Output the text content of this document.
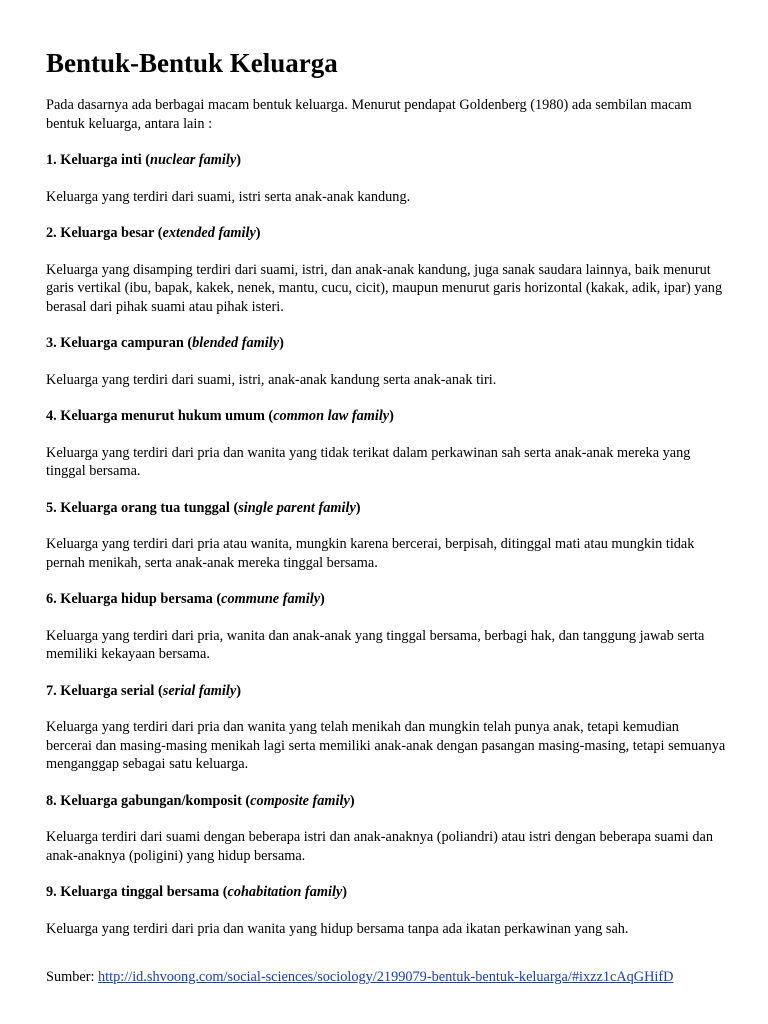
Bentuk-Bentuk Keluarga

Pada dasarnya ada berbagai macam bentuk keluarga. Menurut pendapat Goldenberg (1980) ada sembilan macam bentuk keluarga, antara lain :

1. Keluarga inti (nuclear family)

Keluarga yang terdiri dari suami, istri serta anak-anak kandung.

2. Keluarga besar (extended family)

Keluarga yang disamping terdiri dari suami, istri, dan anak-anak kandung, juga sanak saudara lainnya, baik menurut garis vertikal (ibu, bapak, kakek, nenek, mantu, cucu, cicit), maupun menurut garis horizontal (kakak, adik, ipar) yang berasal dari pihak suami atau pihak isteri.

3. Keluarga campuran (blended family)

Keluarga yang terdiri dari suami, istri, anak-anak kandung serta anak-anak tiri.

4. Keluarga menurut hukum umum (common law family)

Keluarga yang terdiri dari pria dan wanita yang tidak terikat dalam perkawinan sah serta anak-anak mereka yang tinggal bersama.

5. Keluarga orang tua tunggal (single parent family)

Keluarga yang terdiri dari pria atau wanita, mungkin karena bercerai, berpisah, ditinggal mati atau mungkin tidak pernah menikah, serta anak-anak mereka tinggal bersama.

6. Keluarga hidup bersama (commune family)

Keluarga yang terdiri dari pria, wanita dan anak-anak yang tinggal bersama, berbagi hak, dan tanggung jawab serta memiliki kekayaan bersama.

7. Keluarga serial (serial family)

Keluarga yang terdiri dari pria dan wanita yang telah menikah dan mungkin telah punya anak, tetapi kemudian bercerai dan masing-masing menikah lagi serta memiliki anak-anak dengan pasangan masing-masing, tetapi semuanya menganggap sebagai satu keluarga.

8. Keluarga gabungan/komposit (composite family)

Keluarga terdiri dari suami dengan beberapa istri dan anak-anaknya (poliandri) atau istri dengan beberapa suami dan anak-anaknya (poligini) yang hidup bersama.

9. Keluarga tinggal bersama (cohabitation family)

Keluarga yang terdiri dari pria dan wanita yang hidup bersama tanpa ada ikatan perkawinan yang sah.

Sumber: http://id.shvoong.com/social-sciences/sociology/2199079-bentuk-bentuk-keluarga/#ixzz1cAqGHifD
